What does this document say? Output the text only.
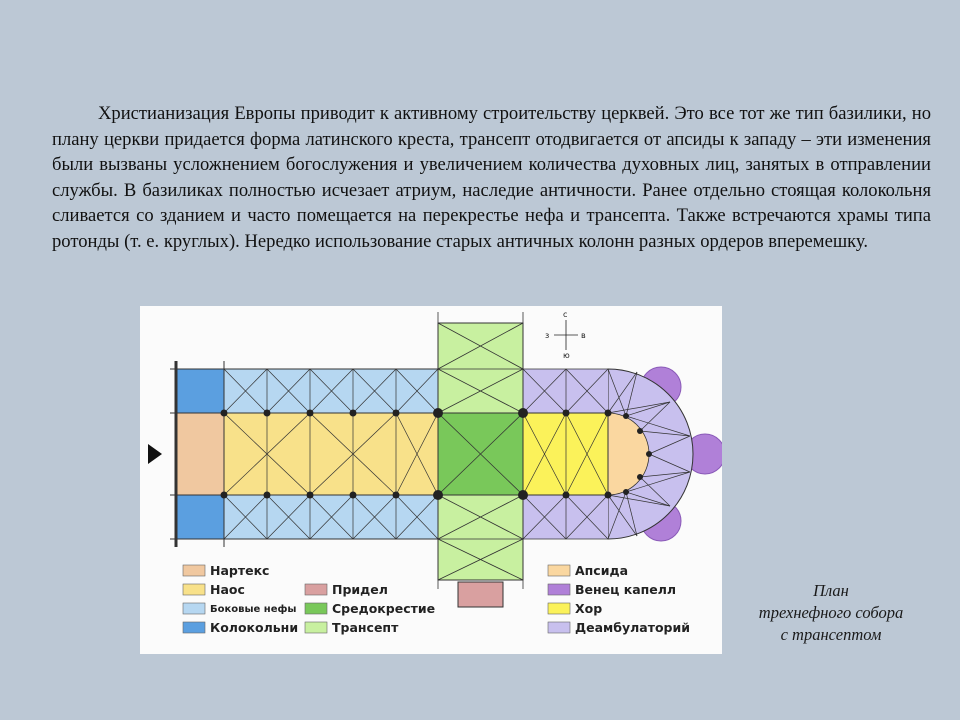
Христианизация Европы приводит к активному строительству церквей. Это все тот же тип базилики, но плану церкви придается форма латинского креста, трансепт отодвигается от апсиды к западу – эти изменения были вызваны усложнением богослужения и увеличением количества духовных лиц, занятых в отправлении службы. В базиликах полностью исчезает атриум, наследие античности. Ранее отдельно стоящая колокольня сливается со зданием и часто помещается на перекрестье нефа и трансепта. Также встречаются храмы типа ротонды (т. е. круглых). Нередко использование старых античных колонн разных ордеров вперемешку.

с
ю
з	в
Нартекс
Наос
Боковые нефы
Колокольни
Придел
Средокрестие
Трансепт
Апсида
Венец капелл
Хор
Деамбулаторий
План
трехнефного собора
с трансептом
